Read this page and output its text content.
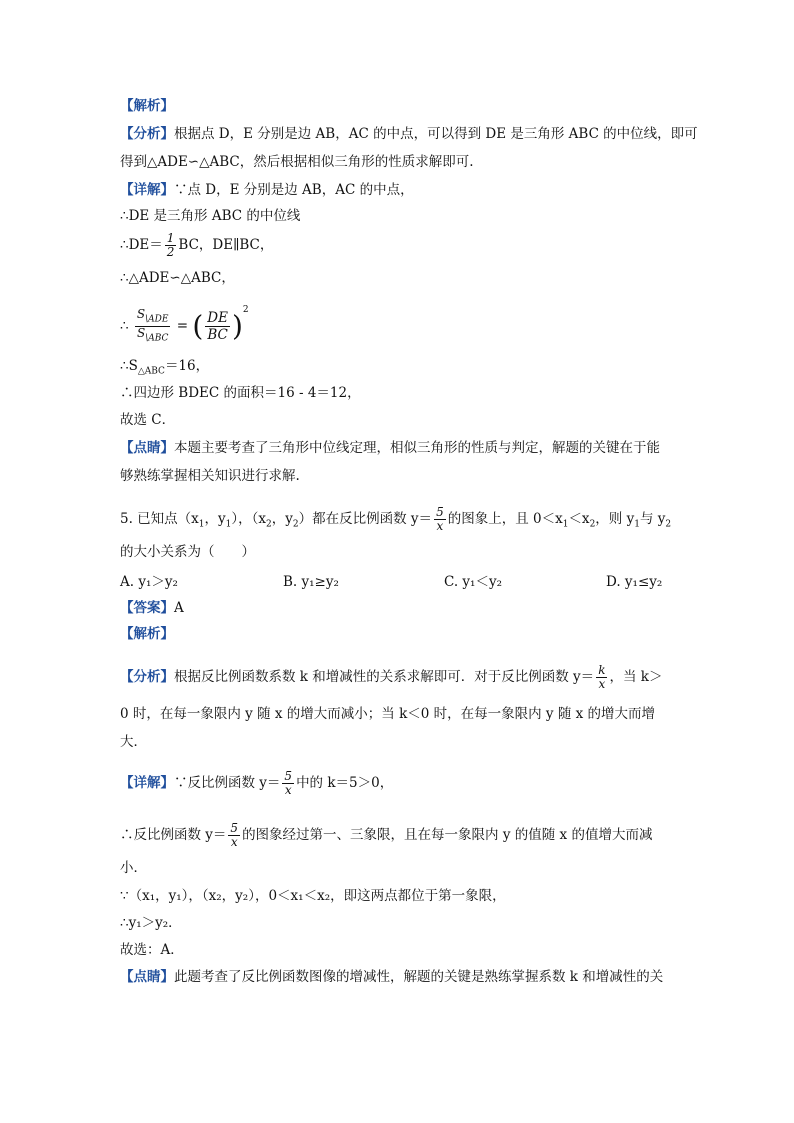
【解析】
【分析】根据点 D，E 分别是边 AB，AC 的中点，可以得到 DE 是三角形 ABC 的中位线，即可
得到△ADE∽△ABC，然后根据相似三角形的性质求解即可.
【详解】∵点 D，E 分别是边 AB，AC 的中点，
∴DE 是三角形 ABC 的中位线
∴DE＝ $\frac{1}{2}$ BC，DE∥BC，
∴△ADE∽△ABC，
∴ $\frac{S_{\backslash ADE}}{S_{\backslash ABC}}$ = ( $\frac{DE}{BC} )^2$
$\therefore S_{\triangle ABC}=16$，
∴四边形 BDEC 的面积＝16 - 4＝12，
故选 C．
【点睛】本题主要考查了三角形中位线定理，相似三角形的性质与判定，解题的关键在于能
够熟练掌握相关知识进行求解.
5. 已知点（$x_1$，$y_1$），（$x_2$，$y_2$）都在反比例函数 $y= \frac{5}{x}$ 的图象上，且 $0<x_1<x_2$，则 $y_1$与 $y_2$
的大小关系为（　　）
A. y₁＞y₂	B. y₁≥y₂	C. y₁＜y₂	D. y₁≤y₂
【答案】A
【解析】
【分析】根据反比例函数系数 k 和增减性的关系求解即可．对于反比例函数 $y= \frac{k}{x}$ ，当 k＞
0 时，在每一象限内 y 随 x 的增大而减小；当 k＜0 时，在每一象限内 y 随 x 的增大而增
大．
【详解】∵反比例函数 $y= \frac{5}{x}$ 中的 k＝5＞0，
∴反比例函数 $y= \frac{5}{x}$ 的图象经过第一、三象限，且在每一象限内 y 的值随 x 的值增大而减
小．
∵（x₁，y₁），（x₂，y₂），0＜x₁＜x₂，即这两点都位于第一象限，
∴y₁＞y₂．
故选：A．
【点睛】此题考查了反比例函数图像的增减性，解题的关键是熟练掌握系数 k 和增减性的关
